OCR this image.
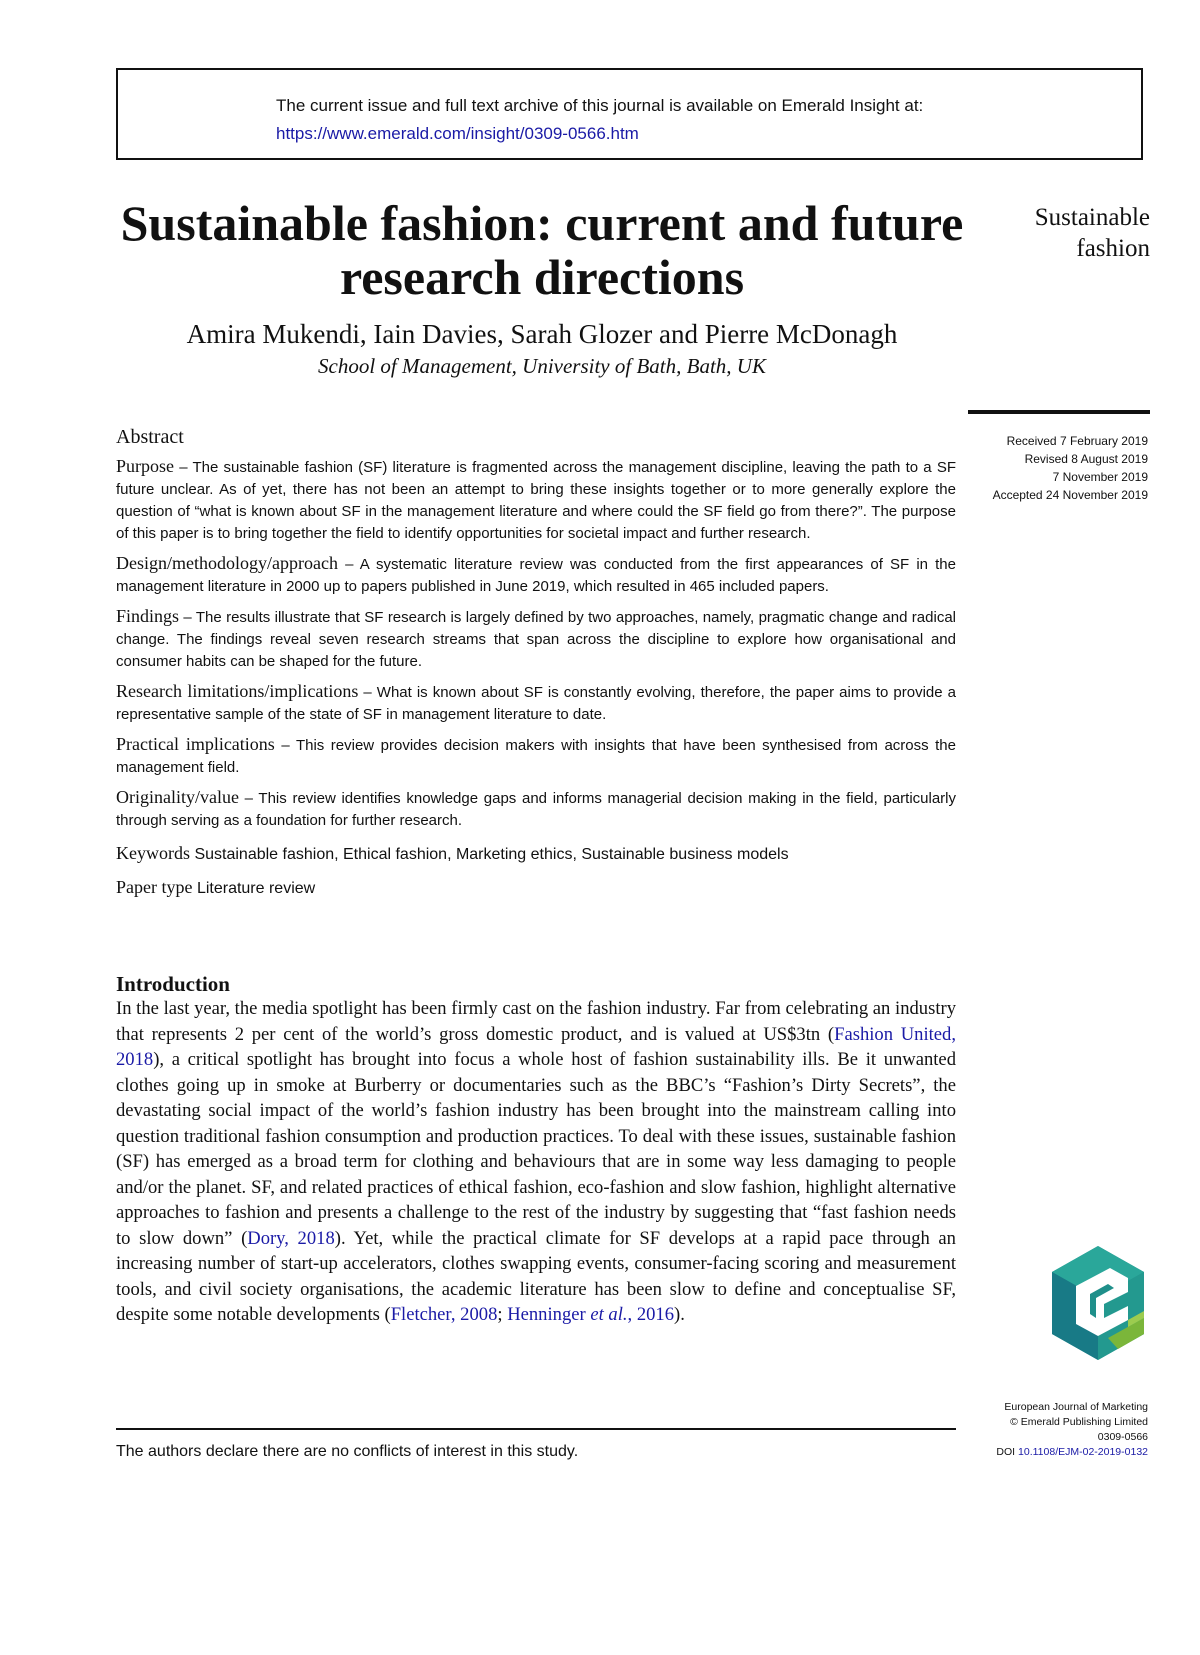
The current issue and full text archive of this journal is available on Emerald Insight at:
https://www.emerald.com/insight/0309-0566.htm
Sustainable fashion: current and future research directions
Amira Mukendi, Iain Davies, Sarah Glozer and Pierre McDonagh
School of Management, University of Bath, Bath, UK
Sustainable
fashion
Received 7 February 2019
Revised 8 August 2019
7 November 2019
Accepted 24 November 2019
Abstract

Purpose – The sustainable fashion (SF) literature is fragmented across the management discipline, leaving the path to a SF future unclear. As of yet, there has not been an attempt to bring these insights together or to more generally explore the question of “what is known about SF in the management literature and where could the SF field go from there?”. The purpose of this paper is to bring together the field to identify opportunities for societal impact and further research.

Design/methodology/approach – A systematic literature review was conducted from the first appearances of SF in the management literature in 2000 up to papers published in June 2019, which resulted in 465 included papers.

Findings – The results illustrate that SF research is largely defined by two approaches, namely, pragmatic change and radical change. The findings reveal seven research streams that span across the discipline to explore how organisational and consumer habits can be shaped for the future.

Research limitations/implications – What is known about SF is constantly evolving, therefore, the paper aims to provide a representative sample of the state of SF in management literature to date.

Practical implications – This review provides decision makers with insights that have been synthesised from across the management field.

Originality/value – This review identifies knowledge gaps and informs managerial decision making in the field, particularly through serving as a foundation for further research.

Keywords Sustainable fashion, Ethical fashion, Marketing ethics, Sustainable business models

Paper type Literature review

Introduction

In the last year, the media spotlight has been firmly cast on the fashion industry. Far from celebrating an industry that represents 2 per cent of the world’s gross domestic product, and is valued at US$3tn (Fashion United, 2018), a critical spotlight has brought into focus a whole host of fashion sustainability ills. Be it unwanted clothes going up in smoke at Burberry or documentaries such as the BBC’s “Fashion’s Dirty Secrets”, the devastating social impact of the world’s fashion industry has been brought into the mainstream calling into question traditional fashion consumption and production practices. To deal with these issues, sustainable fashion (SF) has emerged as a broad term for clothing and behaviours that are in some way less damaging to people and/or the planet. SF, and related practices of ethical fashion, eco-fashion and slow fashion, highlight alternative approaches to fashion and presents a challenge to the rest of the industry by suggesting that “fast fashion needs to slow down” (Dory, 2018). Yet, while the practical climate for SF develops at a rapid pace through an increasing number of start-up accelerators, clothes swapping events, consumer-facing scoring and measurement tools, and civil society organisations, the academic literature has been slow to define and conceptualise SF, despite some notable developments (Fletcher, 2008; Henninger et al., 2016).

The authors declare there are no conflicts of interest in this study.
European Journal of Marketing
© Emerald Publishing Limited
0309-0566
DOI 10.1108/EJM-02-2019-0132
